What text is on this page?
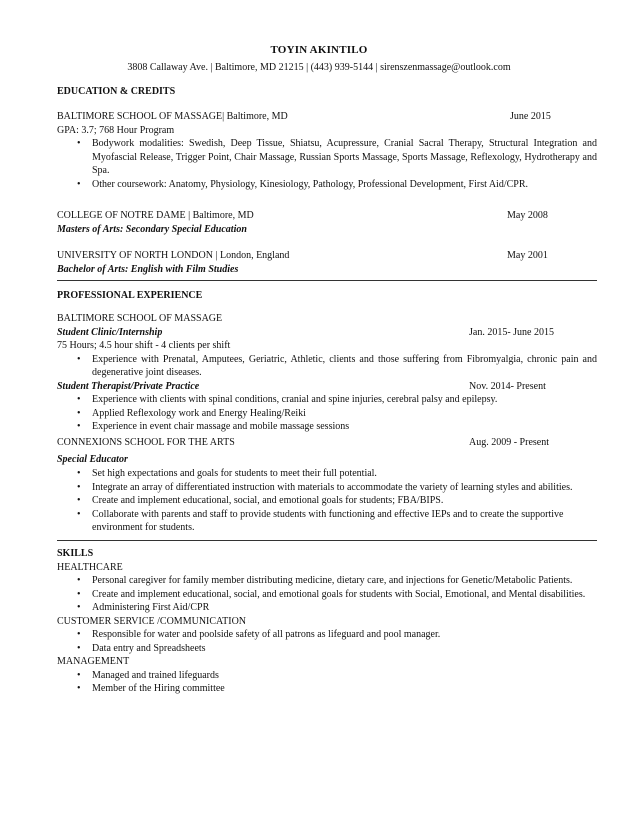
TOYIN AKINTILO
3808 Callaway Ave. | Baltimore, MD 21215 | (443) 939-5144 | sirenszenmassage@outlook.com
EDUCATION & CREDITS
BALTIMORE SCHOOL OF MASSAGE| Baltimore, MD	June 2015
GPA: 3.7; 768 Hour Program
• Bodywork modalities: Swedish, Deep Tissue, Shiatsu, Acupressure, Cranial Sacral Therapy, Structural Integration and Myofascial Release, Trigger Point, Chair Massage, Russian Sports Massage, Sports Massage, Reflexology, Hydrotherapy and Spa.
• Other coursework: Anatomy, Physiology, Kinesiology, Pathology, Professional Development, First Aid/CPR.
COLLEGE OF NOTRE DAME | Baltimore, MD	May 2008
Masters of Arts: Secondary Special Education
UNIVERSITY OF NORTH LONDON | London, England	May 2001
Bachelor of Arts: English with Film Studies
PROFESSIONAL EXPERIENCE
BALTIMORE SCHOOL OF MASSAGE
Student Clinic/Internship	Jan. 2015- June 2015
75 Hours; 4.5 hour shift - 4 clients per shift
• Experience with Prenatal, Amputees, Geriatric, Athletic, clients and those suffering from Fibromyalgia, chronic pain and degenerative joint diseases.
Student Therapist/Private Practice	Nov. 2014- Present
• Experience with clients with spinal conditions, cranial and spine injuries, cerebral palsy and epilepsy.
• Applied Reflexology work and Energy Healing/Reiki
• Experience in event chair massage and mobile massage sessions
CONNEXIONS SCHOOL FOR THE ARTS	Aug. 2009 - Present
Special Educator
• Set high expectations and goals for students to meet their full potential.
• Integrate an array of differentiated instruction with materials to accommodate the variety of learning styles and abilities.
• Create and implement educational, social, and emotional goals for students; FBA/BIPS.
• Collaborate with parents and staff to provide students with functioning and effective IEPs and to create the supportive environment for students.
SKILLS
HEALTHCARE
• Personal caregiver for family member distributing medicine, dietary care, and injections for Genetic/Metabolic Patients.
• Create and implement educational, social, and emotional goals for students with Social, Emotional, and Mental disabilities.
• Administering First Aid/CPR
CUSTOMER SERVICE /COMMUNICATION
• Responsible for water and poolside safety of all patrons as lifeguard and pool manager.
• Data entry and Spreadsheets
MANAGEMENT
• Managed and trained lifeguards
• Member of the Hiring committee
